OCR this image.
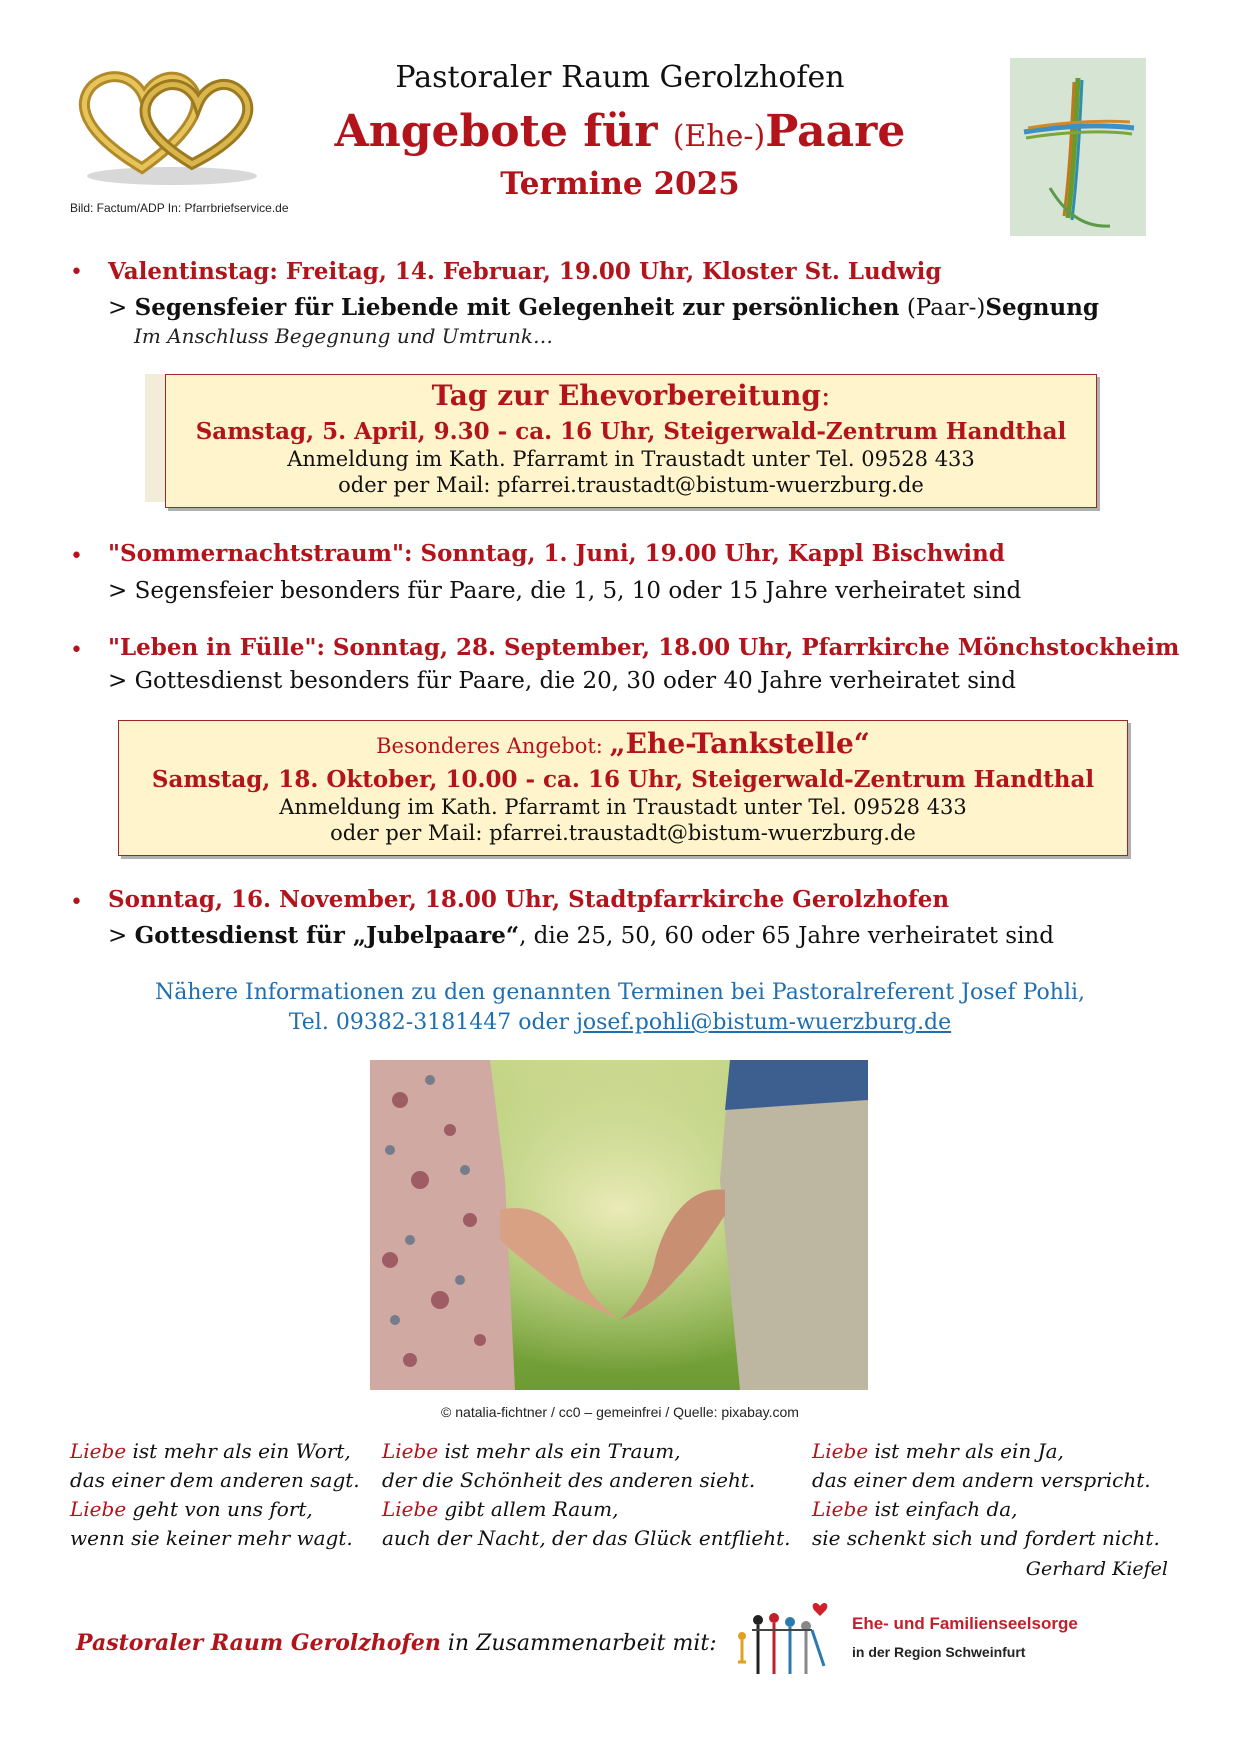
Bild: Factum/ADP In: Pfarrbriefservice.de
Pastoraler Raum Gerolzhofen
Angebote für (Ehe-)Paare
Termine 2025
• Valentinstag: Freitag, 14. Februar, 19.00 Uhr, Kloster St. Ludwig
> Segensfeier für Liebende mit Gelegenheit zur persönlichen (Paar-)Segnung
Im Anschluss Begegnung und Umtrunk…
Tag zur Ehevorbereitung:
Samstag, 5. April, 9.30 - ca. 16 Uhr, Steigerwald-Zentrum Handthal
Anmeldung im Kath. Pfarramt in Traustadt unter Tel. 09528 433
oder per Mail: pfarrei.traustadt@bistum-wuerzburg.de
• "Sommernachtstraum": Sonntag, 1. Juni, 19.00 Uhr, Kappl Bischwind
> Segensfeier besonders für Paare, die 1, 5, 10 oder 15 Jahre verheiratet sind
• "Leben in Fülle": Sonntag, 28. September, 18.00 Uhr, Pfarrkirche Mönchstockheim
> Gottesdienst besonders für Paare, die 20, 30 oder 40 Jahre verheiratet sind
Besonderes Angebot: „Ehe-Tankstelle“
Samstag, 18. Oktober, 10.00 - ca. 16 Uhr, Steigerwald-Zentrum Handthal
Anmeldung im Kath. Pfarramt in Traustadt unter Tel. 09528 433
oder per Mail: pfarrei.traustadt@bistum-wuerzburg.de
• Sonntag, 16. November, 18.00 Uhr, Stadtpfarrkirche Gerolzhofen
> Gottesdienst für „Jubelpaare“, die 25, 50, 60 oder 65 Jahre verheiratet sind
Nähere Informationen zu den genannten Terminen bei Pastoralreferent Josef Pohli,
Tel. 09382-3181447 oder josef.pohli@bistum-wuerzburg.de
© natalia-fichtner / cc0 – gemeinfrei / Quelle: pixabay.com
Liebe ist mehr als ein Wort,
das einer dem anderen sagt.
Liebe geht von uns fort,
wenn sie keiner mehr wagt.
Liebe ist mehr als ein Traum,
der die Schönheit des anderen sieht.
Liebe gibt allem Raum,
auch der Nacht, der das Glück entflieht.
Liebe ist mehr als ein Ja,
das einer dem andern verspricht.
Liebe ist einfach da,
sie schenkt sich und fordert nicht.
Gerhard Kiefel
Pastoraler Raum Gerolzhofen in Zusammenarbeit mit:
Ehe- und Familienseelsorge
in der Region Schweinfurt
